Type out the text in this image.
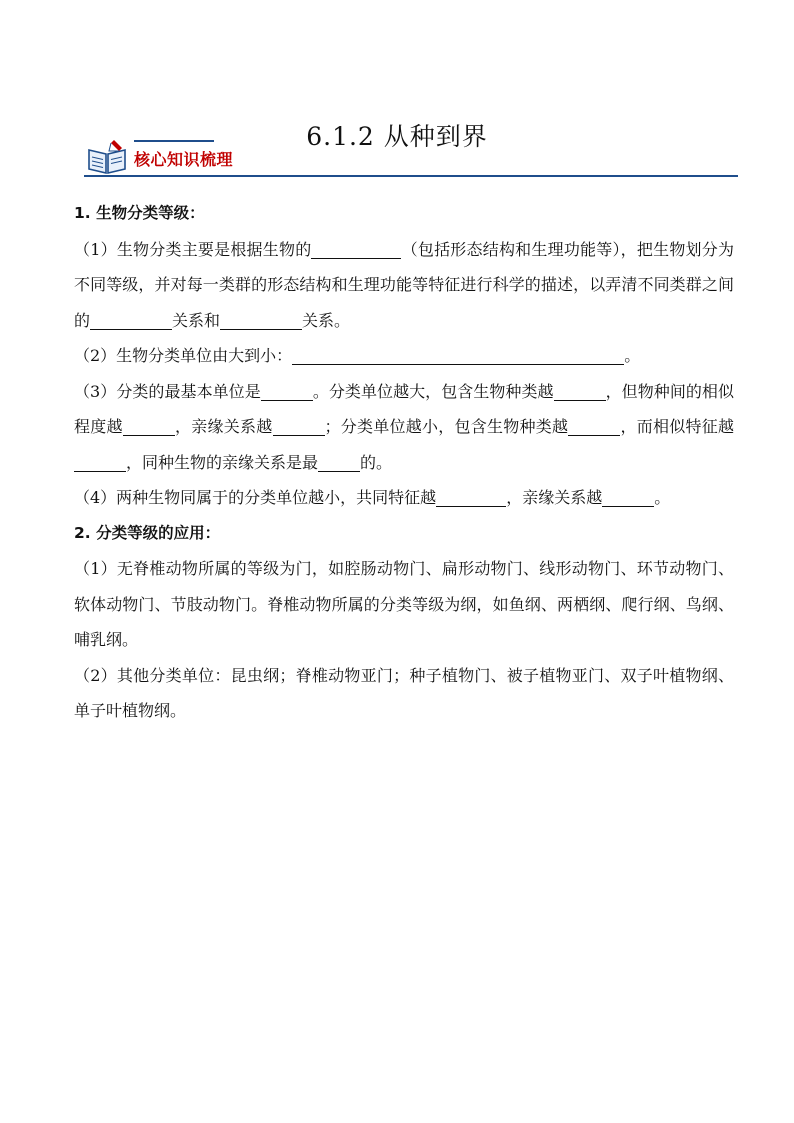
6.1.2 从种到界
核心知识梳理
1. 生物分类等级：

（1）生物分类主要是根据生物的	（包括形态结构和生理功能等），把生物划分为不同等级，并对每一类群的形态结构和生理功能等特征进行科学的描述，以弄清不同类群之间的	关系和	关系。

（2）生物分类单位由大到小：	。

（3）分类的最基本单位是	。分类单位越大，包含生物种类越	，但物种间的相似程度越	，亲缘关系越	；分类单位越小，包含生物种类越	，而相似特征越，同种生物的亲缘关系是最	的。

（4）两种生物同属于的分类单位越小，共同特征越	，亲缘关系越	。

2. 分类等级的应用：

（1）无脊椎动物所属的等级为门，如腔肠动物门、扁形动物门、线形动物门、环节动物门、软体动物门、节肢动物门。脊椎动物所属的分类等级为纲，如鱼纲、两栖纲、爬行纲、鸟纲、哺乳纲。

（2）其他分类单位：昆虫纲；脊椎动物亚门；种子植物门、被子植物亚门、双子叶植物纲、单子叶植物纲。
